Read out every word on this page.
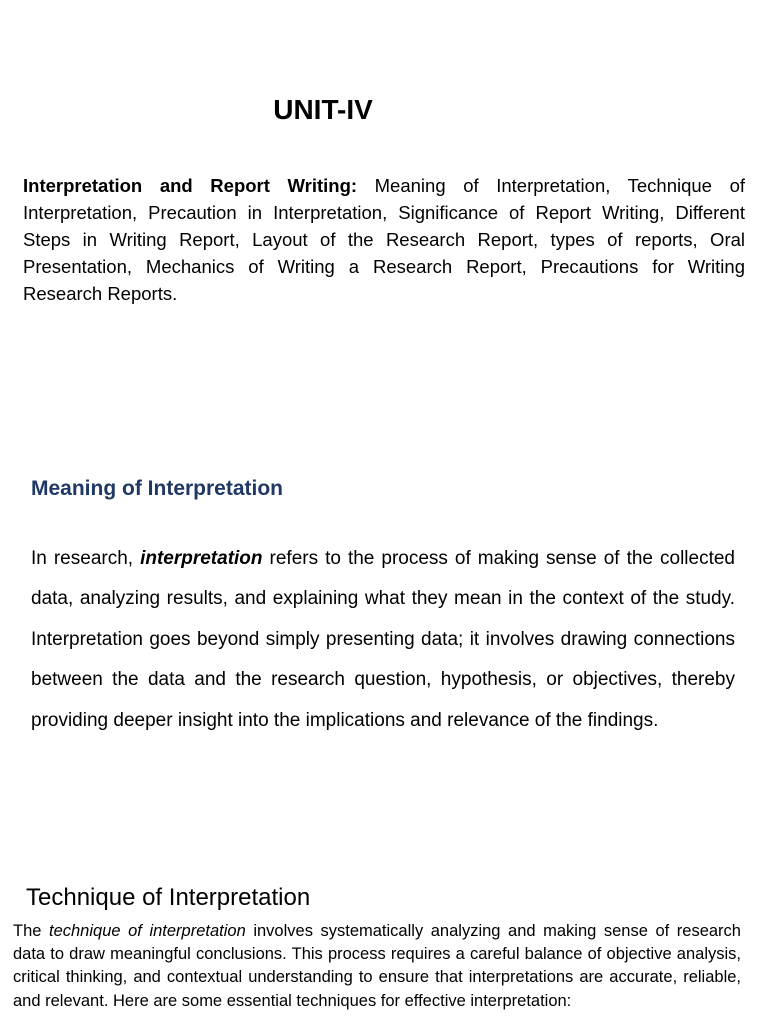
UNIT-IV

Interpretation and Report Writing: Meaning of Interpretation, Technique of Interpretation, Precaution in Interpretation, Significance of Report Writing, Different Steps in Writing Report, Layout of the Research Report, types of reports, Oral Presentation, Mechanics of Writing a Research Report, Precautions for Writing Research Reports.

Meaning of Interpretation

In research, interpretation refers to the process of making sense of the collected data, analyzing results, and explaining what they mean in the context of the study. Interpretation goes beyond simply presenting data; it involves drawing connections between the data and the research question, hypothesis, or objectives, thereby providing deeper insight into the implications and relevance of the findings.

Technique of Interpretation

The technique of interpretation involves systematically analyzing and making sense of research data to draw meaningful conclusions. This process requires a careful balance of objective analysis, critical thinking, and contextual understanding to ensure that interpretations are accurate, reliable, and relevant. Here are some essential techniques for effective interpretation:
